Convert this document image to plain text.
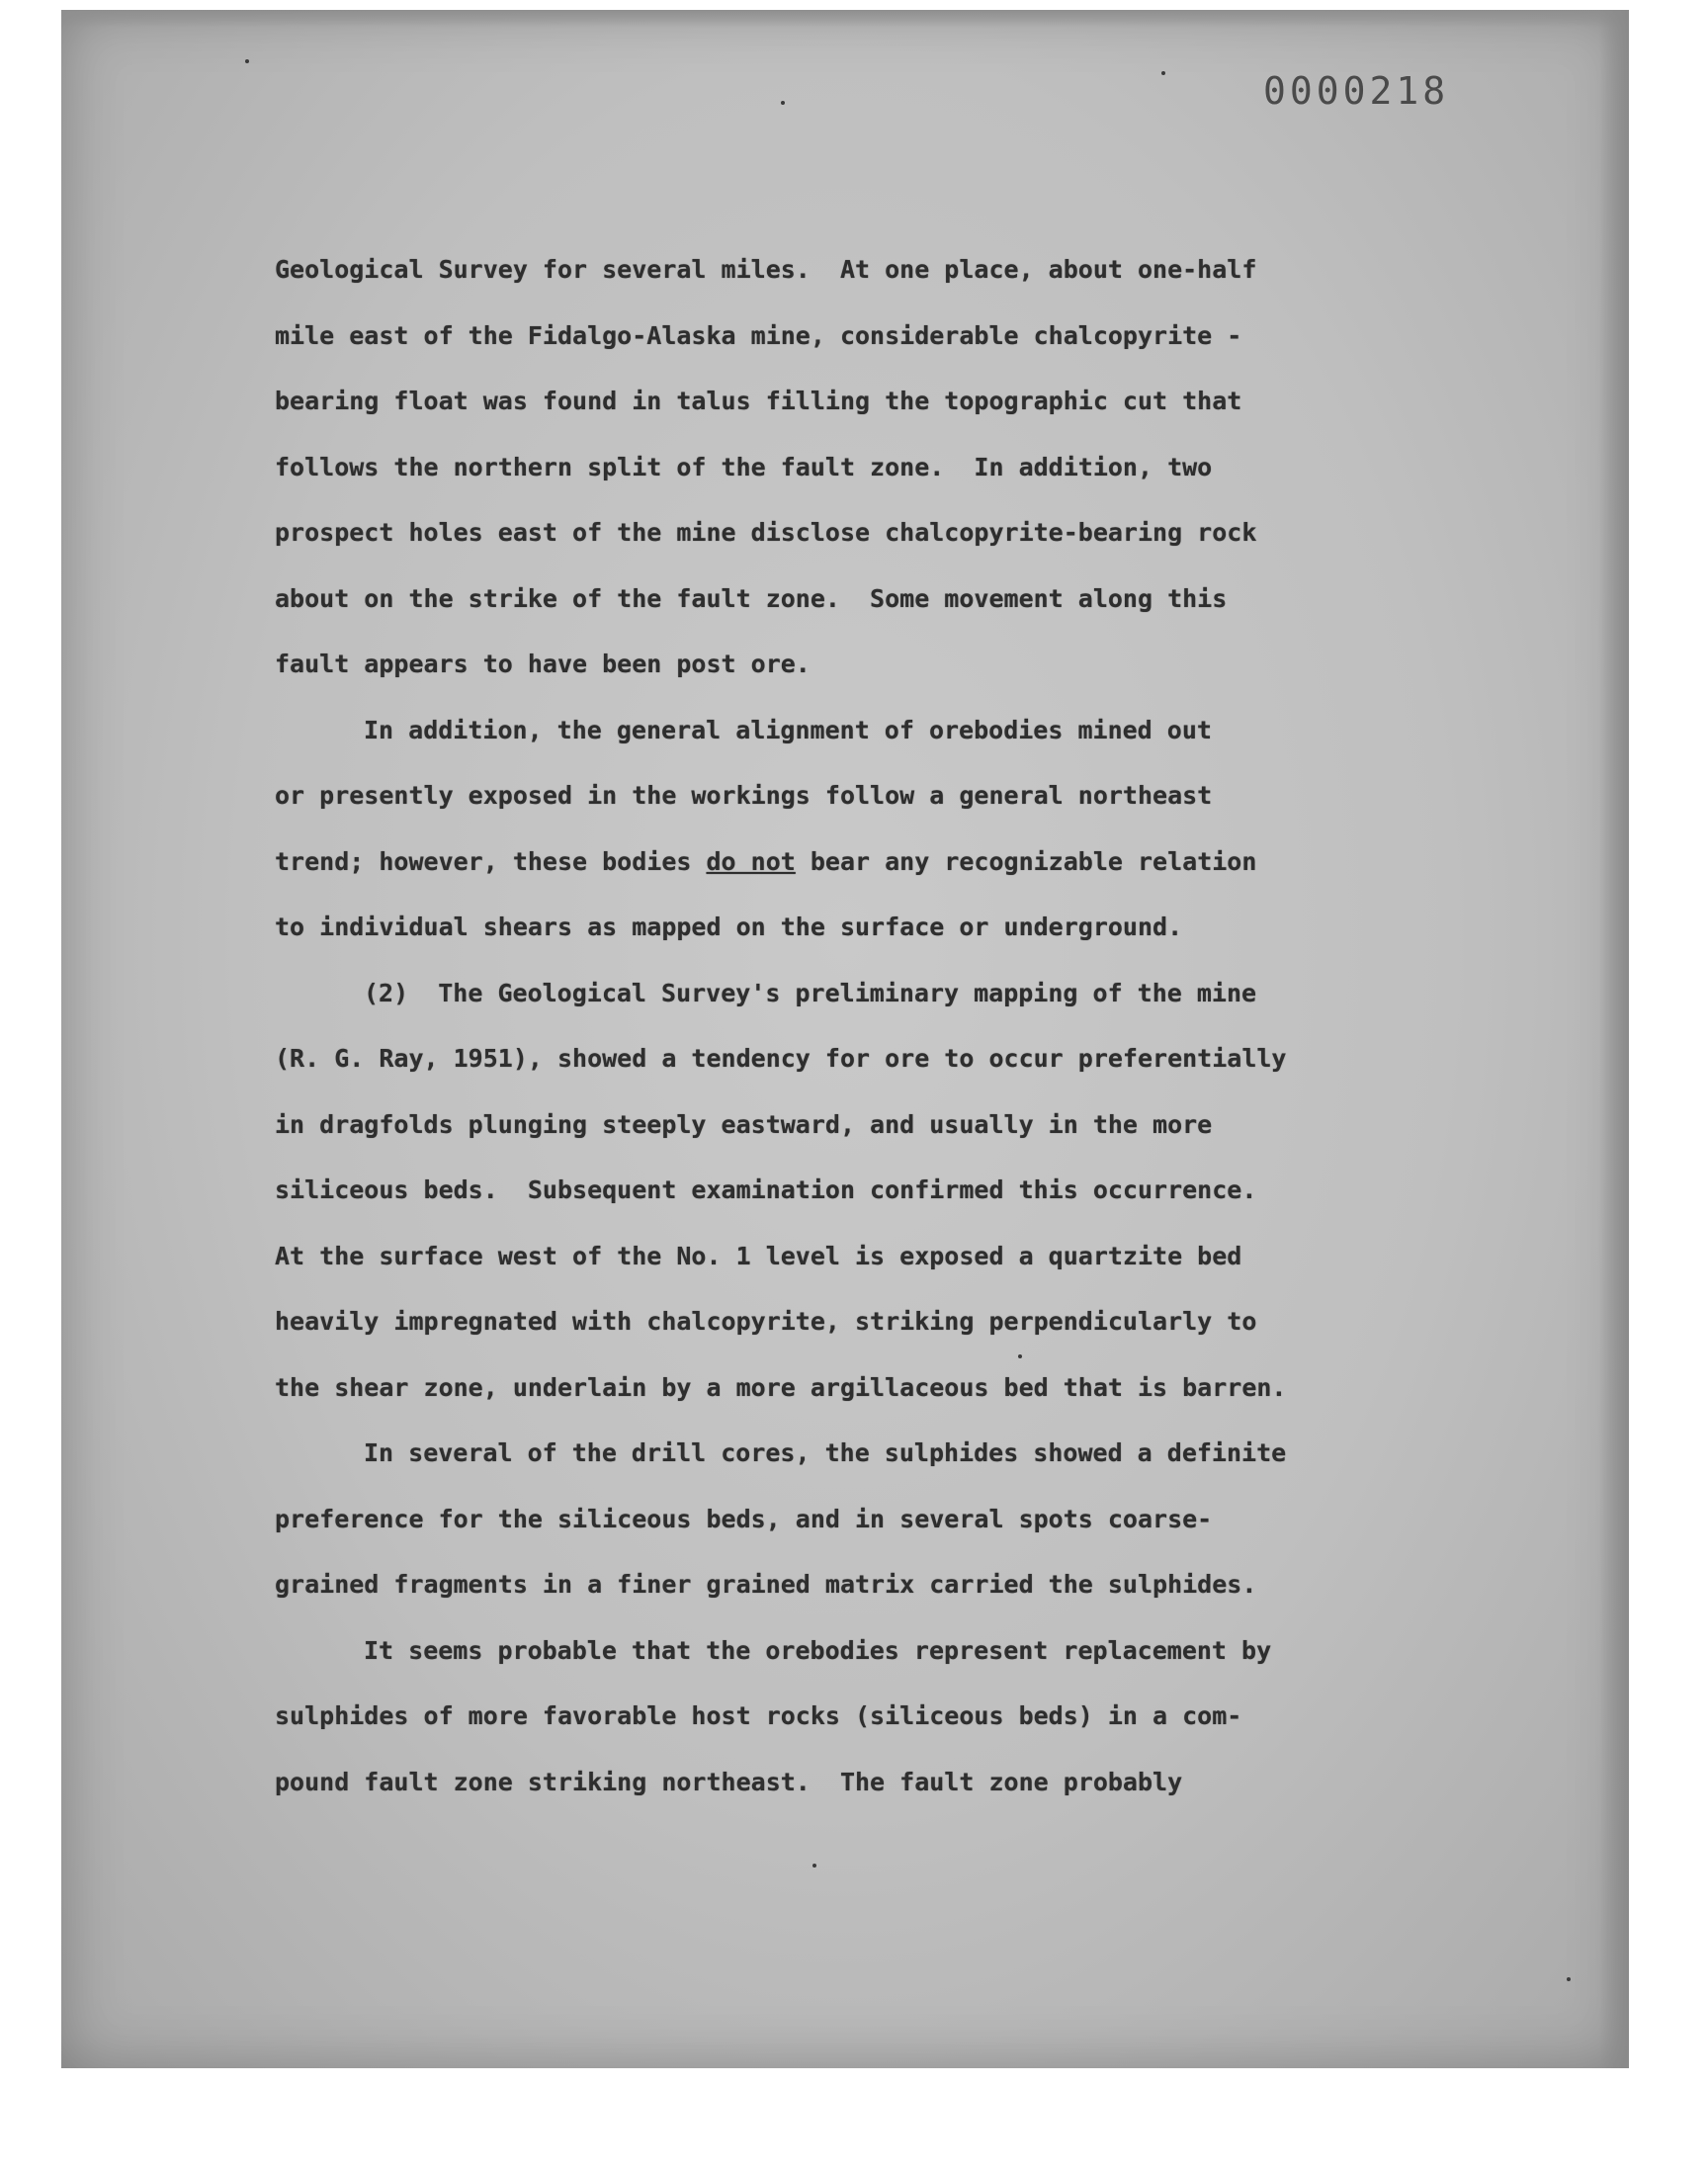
0000218
Geological Survey for several miles.  At one place, about one-half
mile east of the Fidalgo-Alaska mine, considerable chalcopyrite -
bearing float was found in talus filling the topographic cut that
follows the northern split of the fault zone.  In addition, two
prospect holes east of the mine disclose chalcopyrite-bearing rock
about on the strike of the fault zone.  Some movement along this
fault appears to have been post ore.
In addition, the general alignment of orebodies mined out
or presently exposed in the workings follow a general northeast
trend; however, these bodies do not bear any recognizable relation
to individual shears as mapped on the surface or underground.
(2)  The Geological Survey's preliminary mapping of the mine
(R. G. Ray, 1951), showed a tendency for ore to occur preferentially
in dragfolds plunging steeply eastward, and usually in the more
siliceous beds.  Subsequent examination confirmed this occurrence.
At the surface west of the No. 1 level is exposed a quartzite bed
heavily impregnated with chalcopyrite, striking perpendicularly to
the shear zone, underlain by a more argillaceous bed that is barren.
In several of the drill cores, the sulphides showed a definite
preference for the siliceous beds, and in several spots coarse-
grained fragments in a finer grained matrix carried the sulphides.
It seems probable that the orebodies represent replacement by
sulphides of more favorable host rocks (siliceous beds) in a com-
pound fault zone striking northeast.  The fault zone probably
